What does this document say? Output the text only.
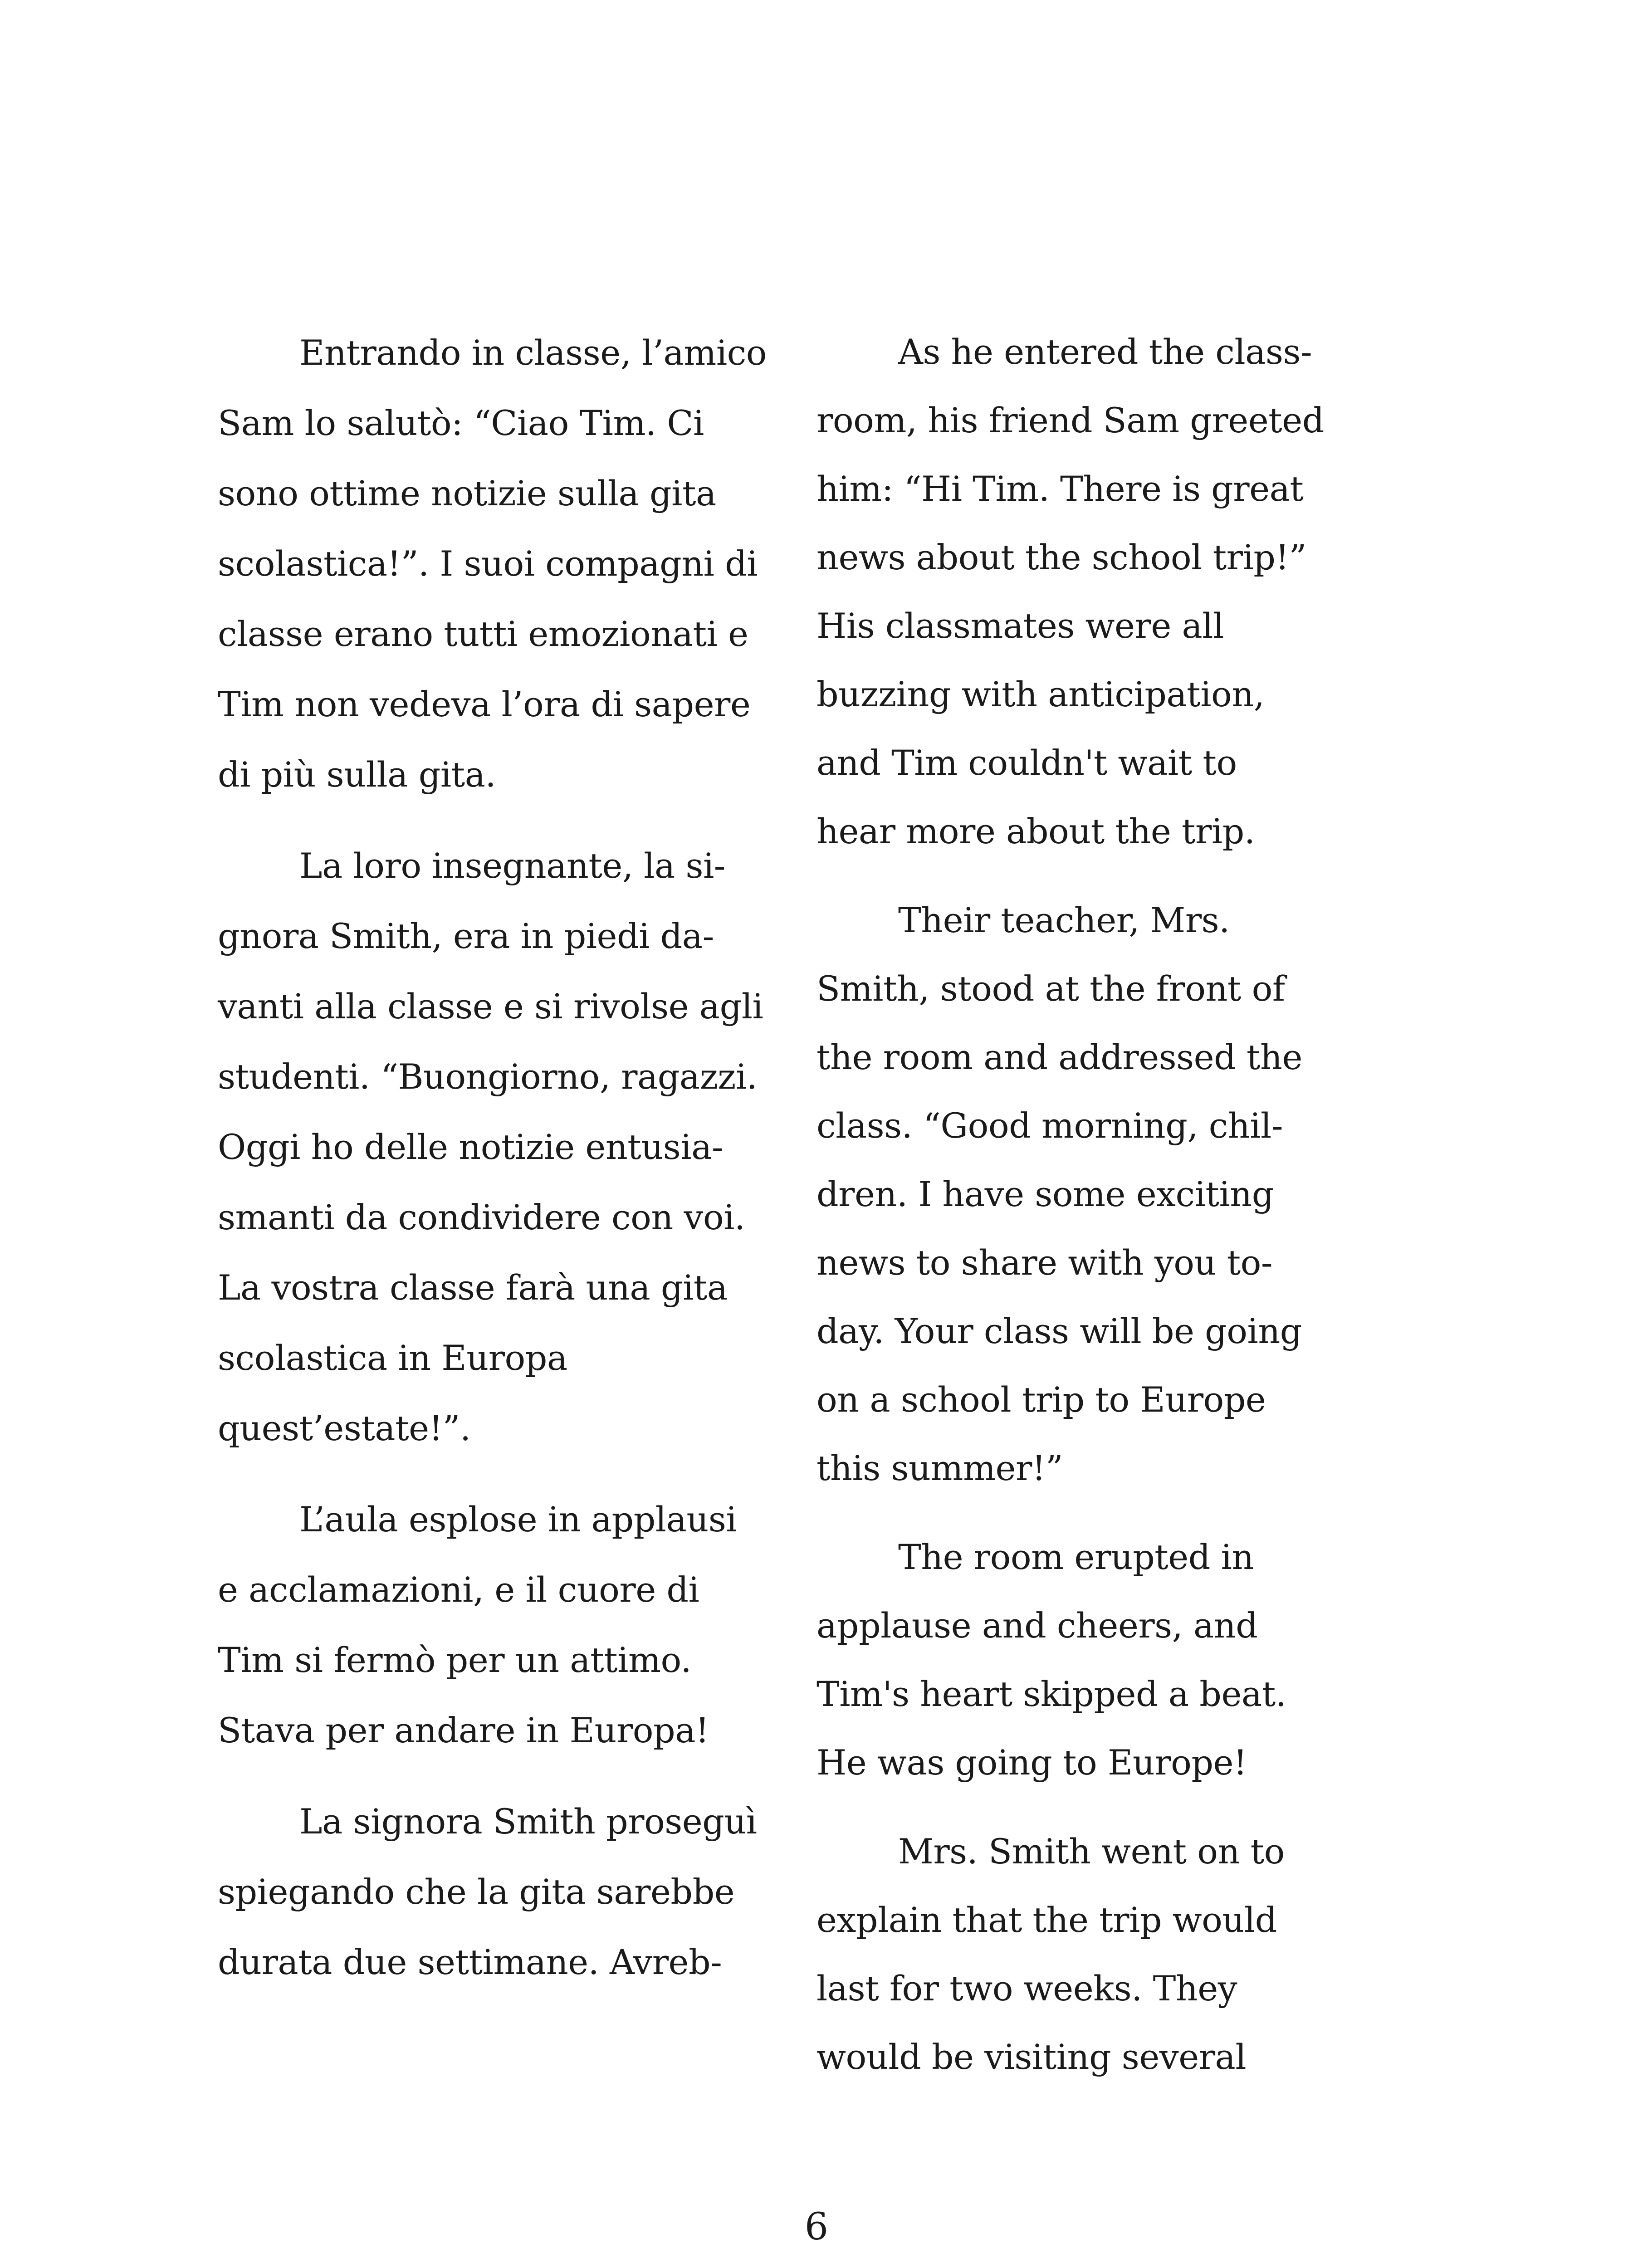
Entrando in classe, l’amico
Sam lo salutò: “Ciao Tim. Ci
sono ottime notizie sulla gita
scolastica!”. I suoi compagni di
classe erano tutti emozionati e
Tim non vedeva l’ora di sapere
di più sulla gita.

La loro insegnante, la si-
gnora Smith, era in piedi da-
vanti alla classe e si rivolse agli
studenti. “Buongiorno, ragazzi.
Oggi ho delle notizie entusia-
smanti da condividere con voi.
La vostra classe farà una gita
scolastica in Europa
quest’estate!”.

L’aula esplose in applausi
e acclamazioni, e il cuore di
Tim si fermò per un attimo.
Stava per andare in Europa!

La signora Smith proseguì
spiegando che la gita sarebbe
durata due settimane. Avreb-

As he entered the class-
room, his friend Sam greeted
him: “Hi Tim. There is great
news about the school trip!”
His classmates were all
buzzing with anticipation,
and Tim couldn't wait to
hear more about the trip.

Their teacher, Mrs.
Smith, stood at the front of
the room and addressed the
class. “Good morning, chil-
dren. I have some exciting
news to share with you to-
day. Your class will be going
on a school trip to Europe
this summer!”

The room erupted in
applause and cheers, and
Tim's heart skipped a beat.
He was going to Europe!

Mrs. Smith went on to
explain that the trip would
last for two weeks. They
would be visiting several

6
